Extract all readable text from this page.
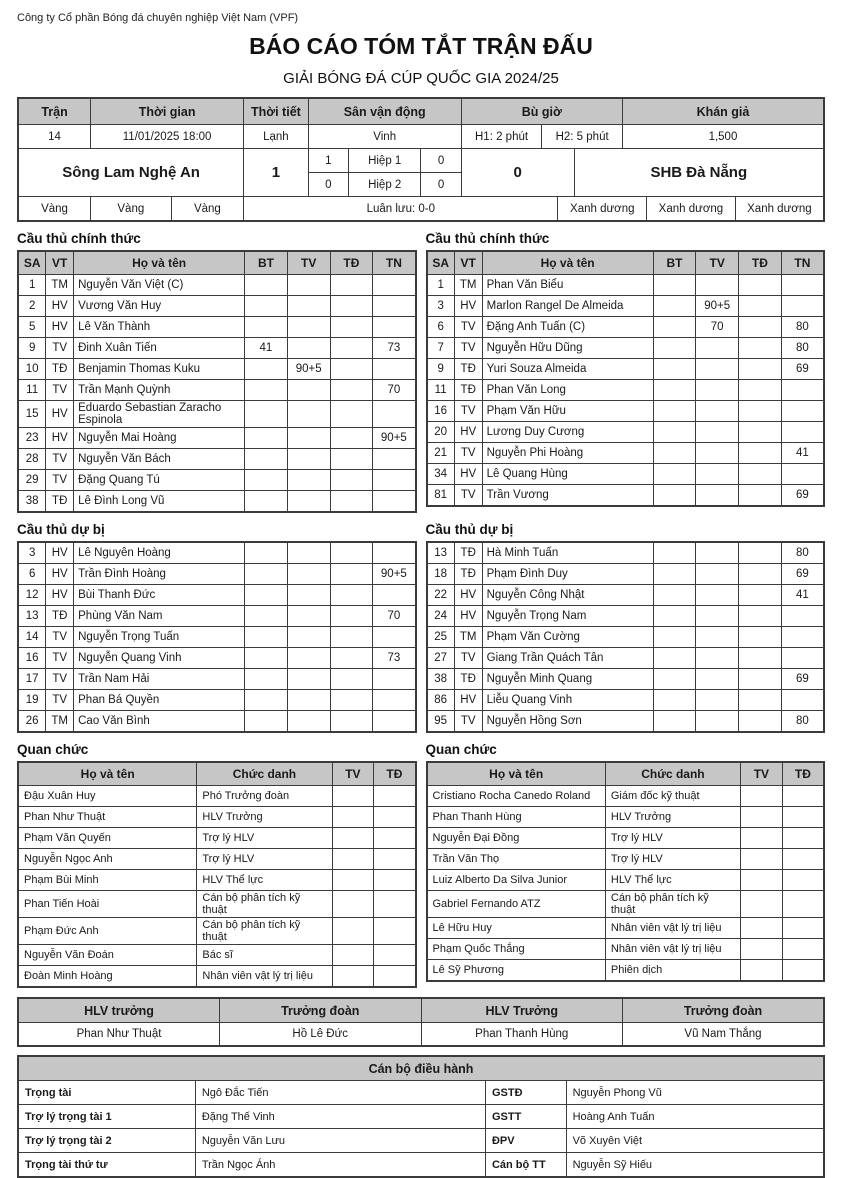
Công ty Cổ phần Bóng đá chuyên nghiệp Việt Nam (VPF)
BÁO CÁO TÓM TẮT TRẬN ĐẤU
GIẢI BÓNG ĐÁ CÚP QUỐC GIA 2024/25
Trận	Thời gian		Thời tiết	Sân vận động			Bù giờ				Khán giả		
14	11/01/2025 18:00		Lạnh	Vinh			H1: 2 phút	H2: 5 phút			1,500		
Sông Lam Nghệ An			1	1	Hiệp 1	0	0			SHB Đà Nẵng			
				0	Hiệp 2	0							
Vàng	Vàng	Vàng	Luân lưu: 0-0						Xanh dương			Xanh dương	Xanh dương
Cầu thủ chính thức
SA	VT	Họ và tên	BT	TV	TĐ	TN
1	TM	Nguyễn Văn Việt (C)				
2	HV	Vương Văn Huy				
5	HV	Lê Văn Thành				
9	TV	Đinh Xuân Tiến	41			73
10	TĐ	Benjamin Thomas Kuku		90+5		
11	TV	Trần Mạnh Quỳnh				70
15	HV	Eduardo Sebastian Zaracho Espinola				
23	HV	Nguyễn Mai Hoàng				90+5
28	TV	Nguyễn Văn Bách				
29	TV	Đặng Quang Tú				
38	TĐ	Lê Đình Long Vũ				
Cầu thủ chính thức
SA	VT	Họ và tên	BT	TV	TĐ	TN
1	TM	Phan Văn Biểu				
3	HV	Marlon Rangel De Almeida		90+5		
6	TV	Đặng Anh Tuấn (C)		70		80
7	TV	Nguyễn Hữu Dũng				80
9	TĐ	Yuri Souza Almeida				69
11	TĐ	Phan Văn Long				
16	TV	Phạm Văn Hữu				
20	HV	Lương Duy Cương				
21	TV	Nguyễn Phi Hoàng				41
34	HV	Lê Quang Hùng				
81	TV	Trần Vương				69
Cầu thủ dự bị
3	HV	Lê Nguyên Hoàng				
6	HV	Trần Đình Hoàng				90+5
12	HV	Bùi Thanh Đức				
13	TĐ	Phùng Văn Nam				70
14	TV	Nguyễn Trọng Tuấn				
16	TV	Nguyễn Quang Vinh				73
17	TV	Trần Nam Hải				
19	TV	Phan Bá Quyền				
26	TM	Cao Văn Bình				
Cầu thủ dự bị
13	TĐ	Hà Minh Tuấn				80
18	TĐ	Phạm Đình Duy				69
22	HV	Nguyễn Công Nhật				41
24	HV	Nguyễn Trọng Nam				
25	TM	Phạm Văn Cường				
27	TV	Giang Trần Quách Tân				
38	TĐ	Nguyễn Minh Quang				69
86	HV	Liễu Quang Vinh				
95	TV	Nguyễn Hồng Sơn				80
Quan chức
Họ và tên	Chức danh	TV	TĐ
Đậu Xuân Huy	Phó Trưởng đoàn		
Phan Như Thuật	HLV Trưởng		
Phạm Văn Quyến	Trợ lý HLV		
Nguyễn Ngọc Anh	Trợ lý HLV		
Phạm Bùi Minh	HLV Thể lực		
Phan Tiến Hoài	Cán bộ phân tích kỹ thuật		
Phạm Đức Anh	Cán bộ phân tích kỹ thuật		
Nguyễn Văn Đoán	Bác sĩ		
Đoàn Minh Hoàng	Nhân viên vật lý trị liệu		
Quan chức
Họ và tên	Chức danh	TV	TĐ
Cristiano Rocha Canedo Roland	Giám đốc kỹ thuật		
Phan Thanh Hùng	HLV Trưởng		
Nguyễn Đại Đồng	Trợ lý HLV		
Trần Văn Thọ	Trợ lý HLV		
Luiz Alberto Da Silva Junior	HLV Thể lực		
Gabriel Fernando ATZ	Cán bộ phân tích kỹ thuật		
Lê Hữu Huy	Nhân viên vật lý trị liệu		
Phạm Quốc Thắng	Nhân viên vật lý trị liệu		
Lê Sỹ Phương	Phiên dịch		
HLV trưởng	Trưởng đoàn	HLV Trưởng	Trưởng đoàn
Phan Như Thuật	Hồ Lê Đức	Phan Thanh Hùng	Vũ Nam Thắng
Cán bộ điều hành			
Trọng tài	Ngô Đắc Tiến	GSTĐ	Nguyễn Phong Vũ
Trợ lý trọng tài 1	Đặng Thế Vinh	GSTT	Hoàng Anh Tuấn
Trợ lý trọng tài 2	Nguyễn Văn Lưu	ĐPV	Võ Xuyên Việt
Trọng tài thứ tư	Trần Ngọc Ánh	Cán bộ TT	Nguyễn Sỹ Hiếu
